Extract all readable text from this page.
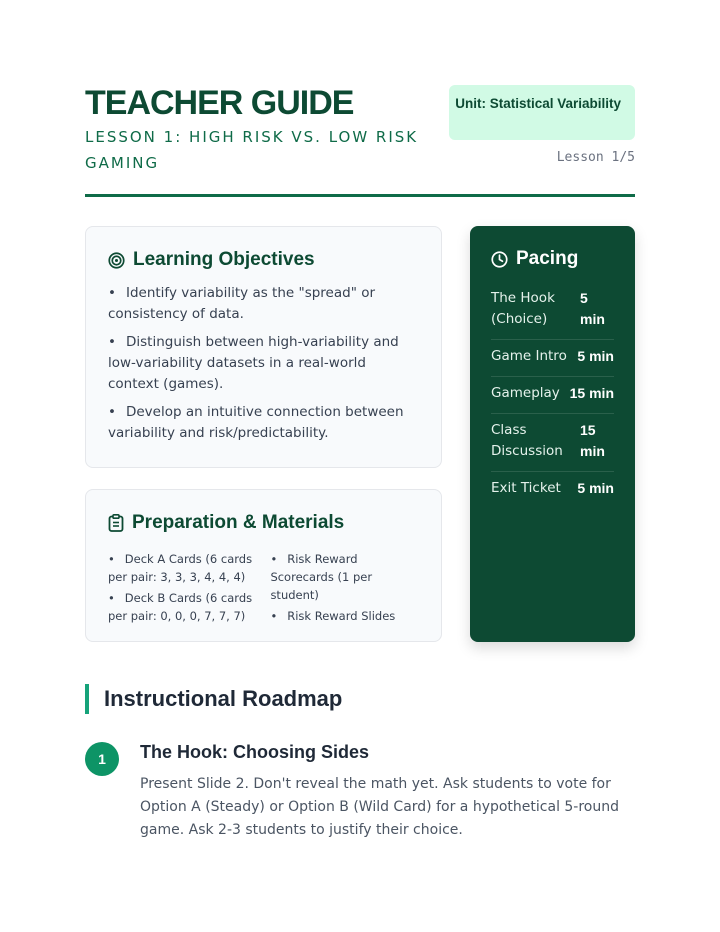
TEACHER GUIDE
LESSON 1: HIGH RISK VS. LOW RISK GAMING
Unit: Statistical Variability
Lesson 1/5
Learning Objectives
• Identify variability as the "spread" or consistency of data.
• Distinguish between high-variability and low-variability datasets in a real-world context (games).
• Develop an intuitive connection between variability and risk/predictability.
Preparation & Materials
• Deck A Cards (6 cards per pair: 3, 3, 3, 4, 4, 4)
• Deck B Cards (6 cards per pair: 0, 0, 0, 7, 7, 7)
• Risk Reward Scorecards (1 per student)
• Risk Reward Slides
Pacing
The Hook (Choice)
5 min
Game Intro 5 min
Gameplay 15 min
Class Discussion
15 min
Exit Ticket 5 min
Instructional Roadmap
1	The Hook: Choosing Sides
Present Slide 2. Don't reveal the math yet. Ask students to vote for Option A (Steady) or Option B (Wild Card) for a hypothetical 5-round game. Ask 2-3 students to justify their choice.
